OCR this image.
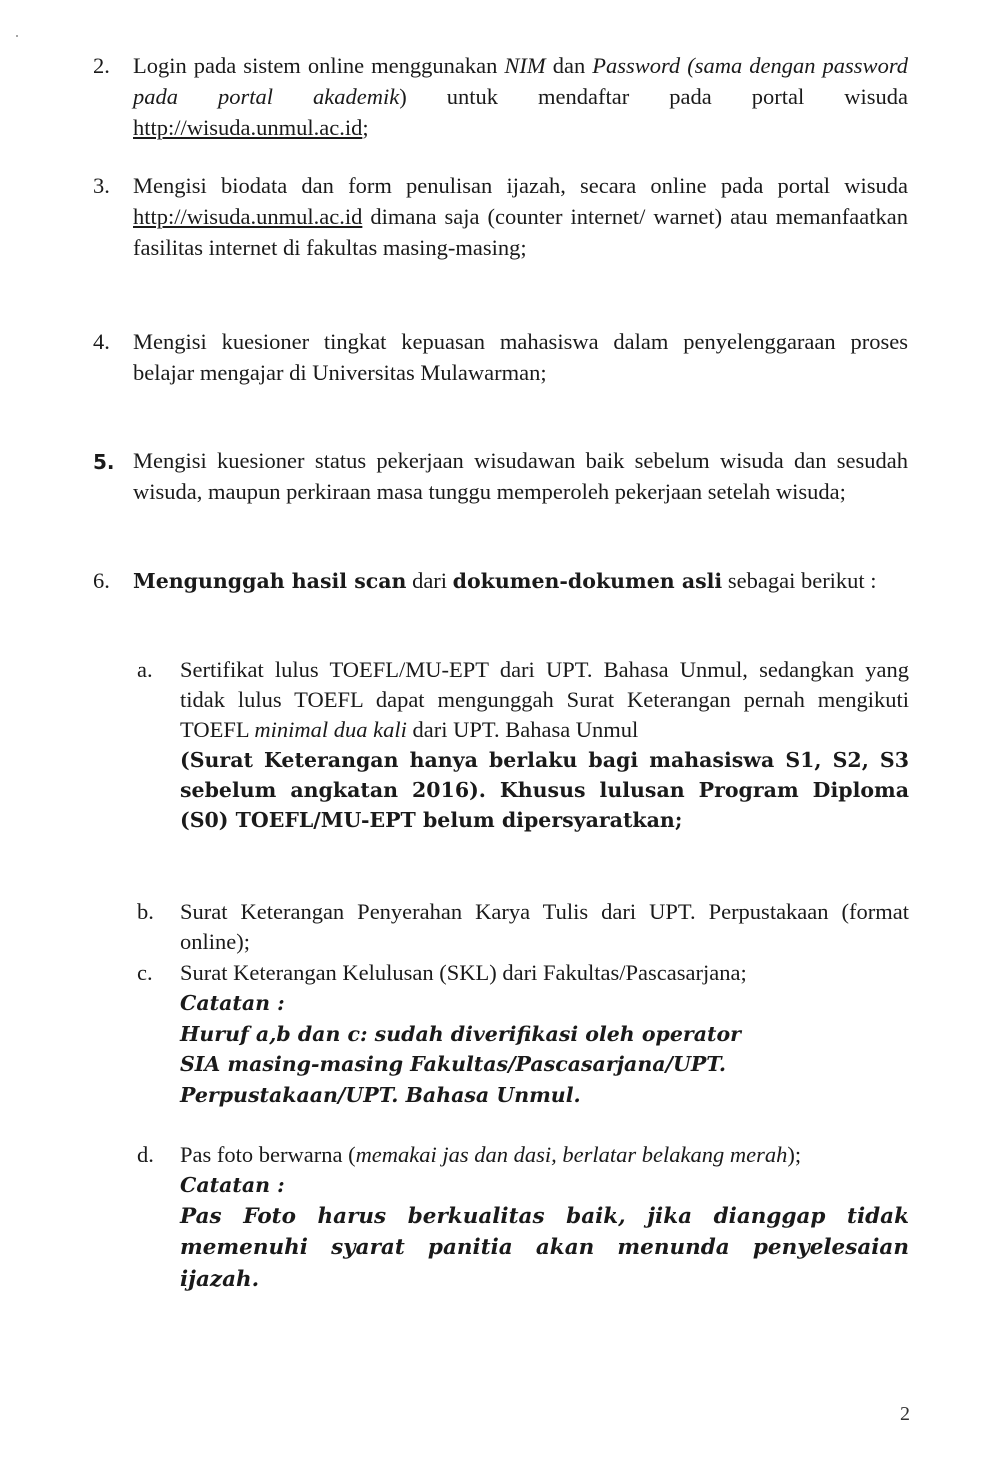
2.	Login pada sistem online menggunakan NIM dan Password (sama dengan password pada portal akademik) untuk mendaftar pada portal wisuda http://wisuda.unmul.ac.id;
3.	Mengisi biodata dan form penulisan ijazah, secara online pada portal wisuda http://wisuda.unmul.ac.id dimana saja (counter internet/ warnet) atau memanfaatkan fasilitas internet di fakultas masing-masing;
4.	Mengisi kuesioner tingkat kepuasan mahasiswa dalam penyelenggaraan proses belajar mengajar di Universitas Mulawarman;
5. Mengisi kuesioner status pekerjaan wisudawan baik sebelum wisuda dan sesudah wisuda, maupun perkiraan masa tunggu memperoleh pekerjaan setelah wisuda;
6.	Mengunggah hasil scan dari dokumen-dokumen asli sebagai berikut :
a.	Sertifikat lulus TOEFL/MU-EPT dari UPT. Bahasa Unmul, sedangkan yang tidak lulus TOEFL dapat mengunggah Surat Keterangan pernah mengikuti TOEFL minimal dua kali dari UPT. Bahasa Unmul
(Surat Keterangan hanya berlaku bagi mahasiswa S1, S2, S3 sebelum angkatan 2016). Khusus lulusan Program Diploma (S0) TOEFL/MU-EPT belum dipersyaratkan;
b.	Surat Keterangan Penyerahan Karya Tulis dari UPT. Perpustakaan (format online);
c.	Surat Keterangan Kelulusan (SKL) dari Fakultas/Pascasarjana;
Catatan :
Huruf a,b dan c: sudah diverifikasi oleh operator
SIA masing-masing Fakultas/Pascasarjana/UPT.
Perpustakaan/UPT. Bahasa Unmul.
d.	Pas foto berwarna (memakai jas dan dasi, berlatar belakang merah);
Catatan :
Pas Foto harus berkualitas baik, jika dianggap tidak memenuhi syarat panitia akan menunda penyelesaian ijazah.
2
